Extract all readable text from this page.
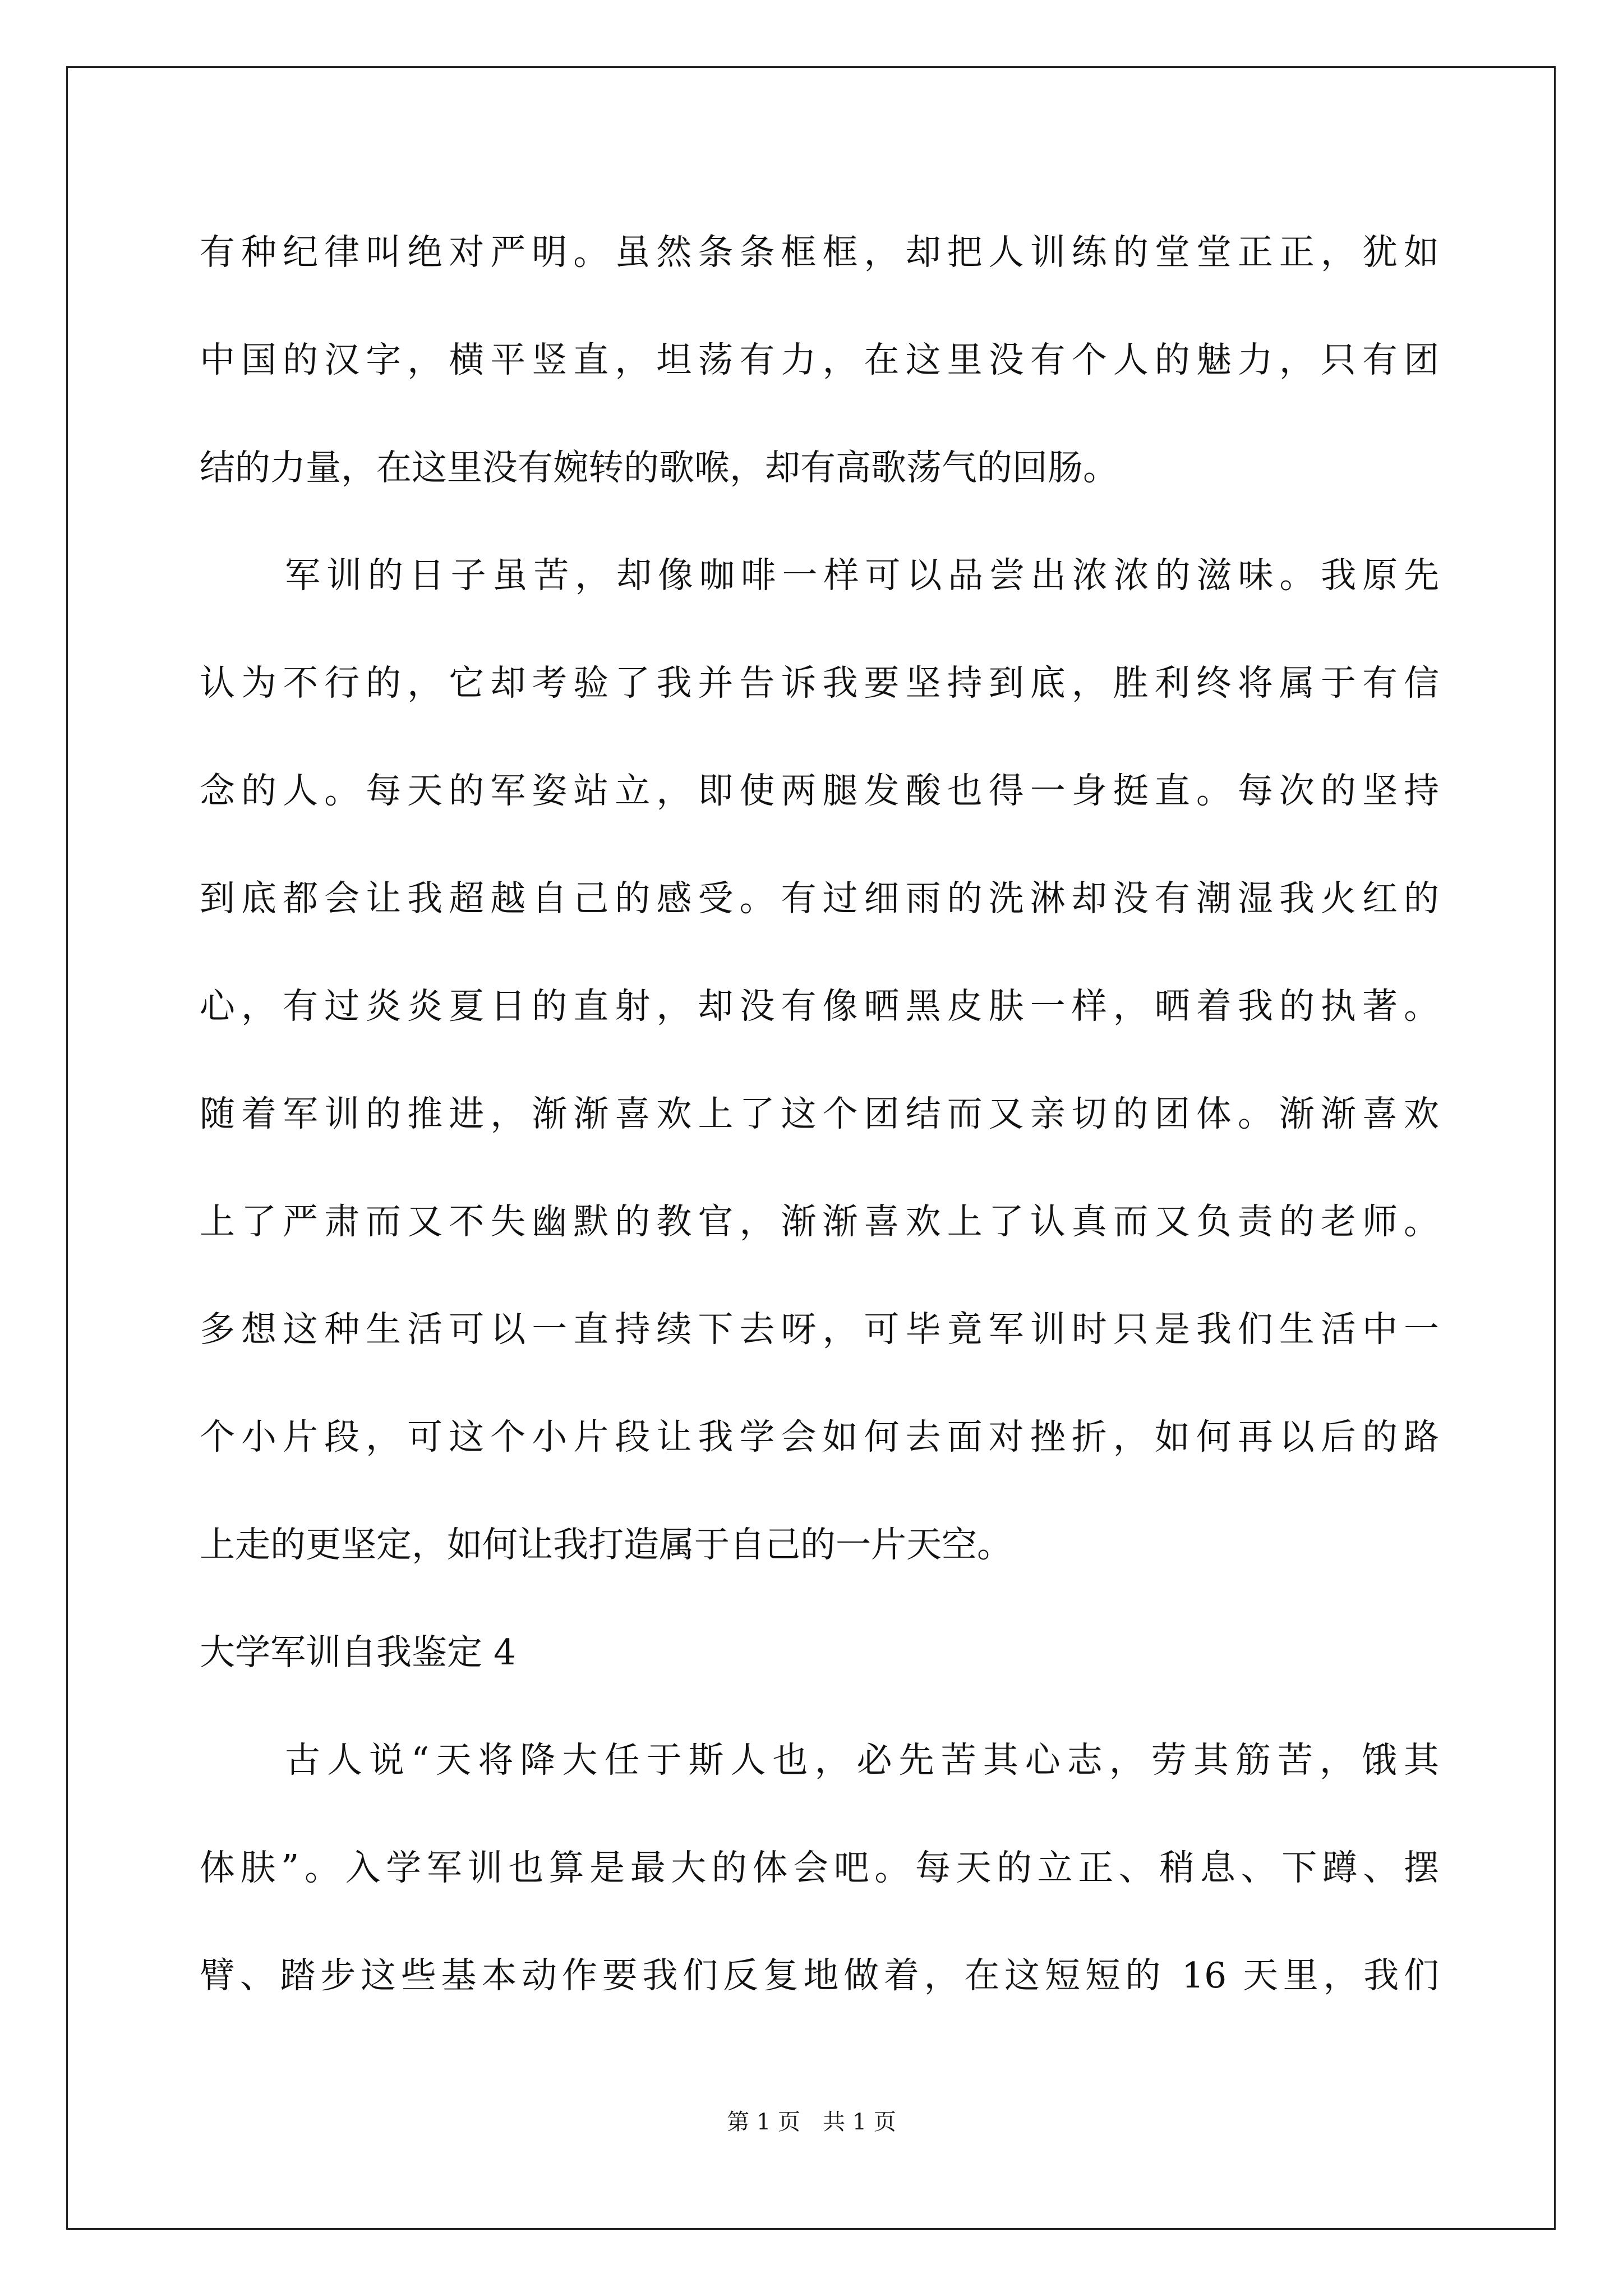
有种纪律叫绝对严明。虽然条条框框，却把人训练的堂堂正正，犹如
中国的汉字，横平竖直，坦荡有力，在这里没有个人的魅力，只有团
结的力量，在这里没有婉转的歌喉，却有高歌荡气的回肠。
军训的日子虽苦，却像咖啡一样可以品尝出浓浓的滋味。我原先
认为不行的，它却考验了我并告诉我要坚持到底，胜利终将属于有信
念的人。每天的军姿站立，即使两腿发酸也得一身挺直。每次的坚持
到底都会让我超越自己的感受。有过细雨的洗淋却没有潮湿我火红的
心，有过炎炎夏日的直射，却没有像晒黑皮肤一样，晒着我的执著。
随着军训的推进，渐渐喜欢上了这个团结而又亲切的团体。渐渐喜欢
上了严肃而又不失幽默的教官，渐渐喜欢上了认真而又负责的老师。
多想这种生活可以一直持续下去呀，可毕竟军训时只是我们生活中一
个小片段，可这个小片段让我学会如何去面对挫折，如何再以后的路
上走的更坚定，如何让我打造属于自己的一片天空。
大学军训自我鉴定 4
古人说“天将降大任于斯人也，必先苦其心志，劳其筋苦，饿其
体肤”。入学军训也算是最大的体会吧。每天的立正、稍息、下蹲、摆
臂、踏步这些基本动作要我们反复地做着，在这短短的 16 天里，我们
第 1 页　共 1 页
